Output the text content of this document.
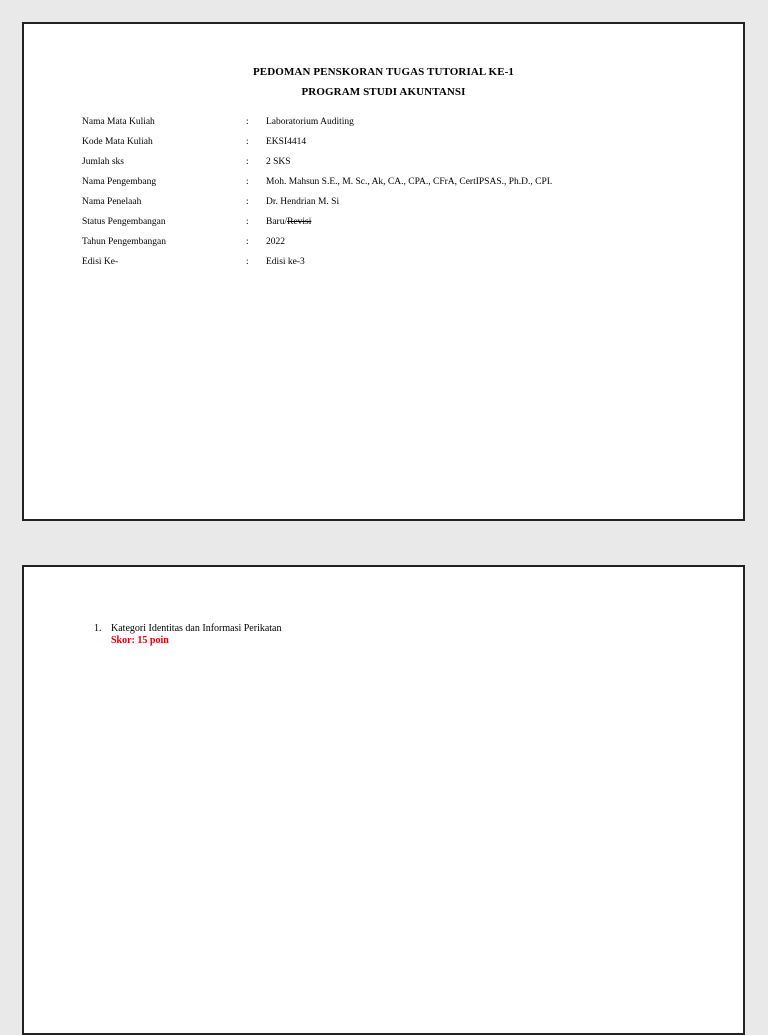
PEDOMAN PENSKORAN TUGAS TUTORIAL KE-1
PROGRAM STUDI AKUNTANSI
Nama Mata Kuliah	:	Laboratorium Auditing
Kode Mata Kuliah	:	EKSI4414
Jumlah sks	:	2 SKS
Nama Pengembang	:	Moh. Mahsun S.E., M. Sc., Ak, CA., CPA., CFrA, CertIPSAS., Ph.D., CPI.
Nama Penelaah	:	Dr. Hendrian M. Si
Status Pengembangan	:	Baru/Revisi
Tahun Pengembangan	:	2022
Edisi Ke-	:	Edisi ke-3
1. Kategori Identitas dan Informasi Perikatan
Skor: 15 poin
